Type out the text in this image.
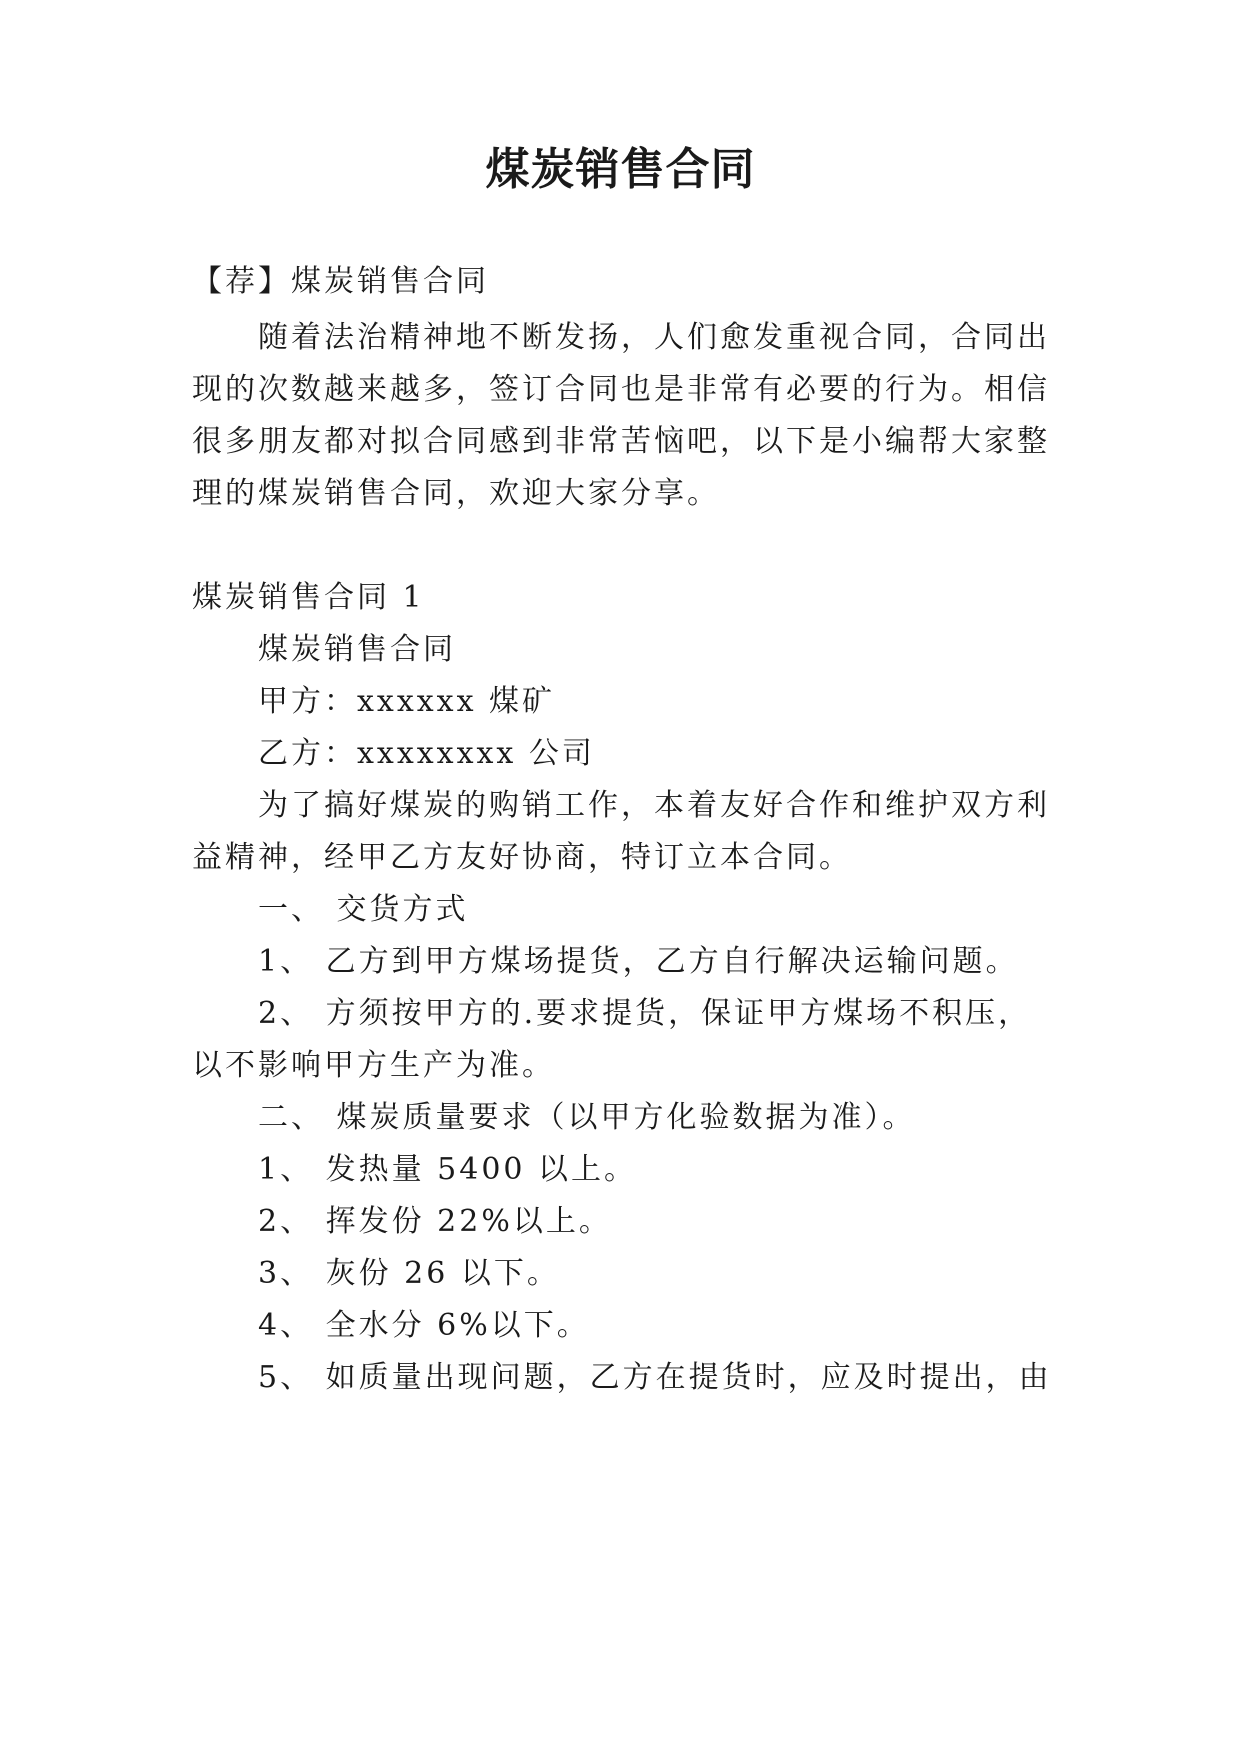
煤炭销售合同
【荐】煤炭销售合同
随着法治精神地不断发扬，人们愈发重视合同，合同出
现的次数越来越多，签订合同也是非常有必要的行为。相信
很多朋友都对拟合同感到非常苦恼吧，以下是小编帮大家整
理的煤炭销售合同，欢迎大家分享。
煤炭销售合同 1
煤炭销售合同
甲方：xxxxxx 煤矿
乙方：xxxxxxxx 公司
为了搞好煤炭的购销工作，本着友好合作和维护双方利
益精神，经甲乙方友好协商，特订立本合同。
一、 交货方式
1、 乙方到甲方煤场提货，乙方自行解决运输问题。
2、 方须按甲方的.要求提货，保证甲方煤场不积压，
以不影响甲方生产为准。
二、 煤炭质量要求（以甲方化验数据为准）。
1、 发热量 5400 以上。
2、 挥发份 22%以上。
3、 灰份 26 以下。
4、 全水分 6%以下。
5、 如质量出现问题，乙方在提货时，应及时提出，由
